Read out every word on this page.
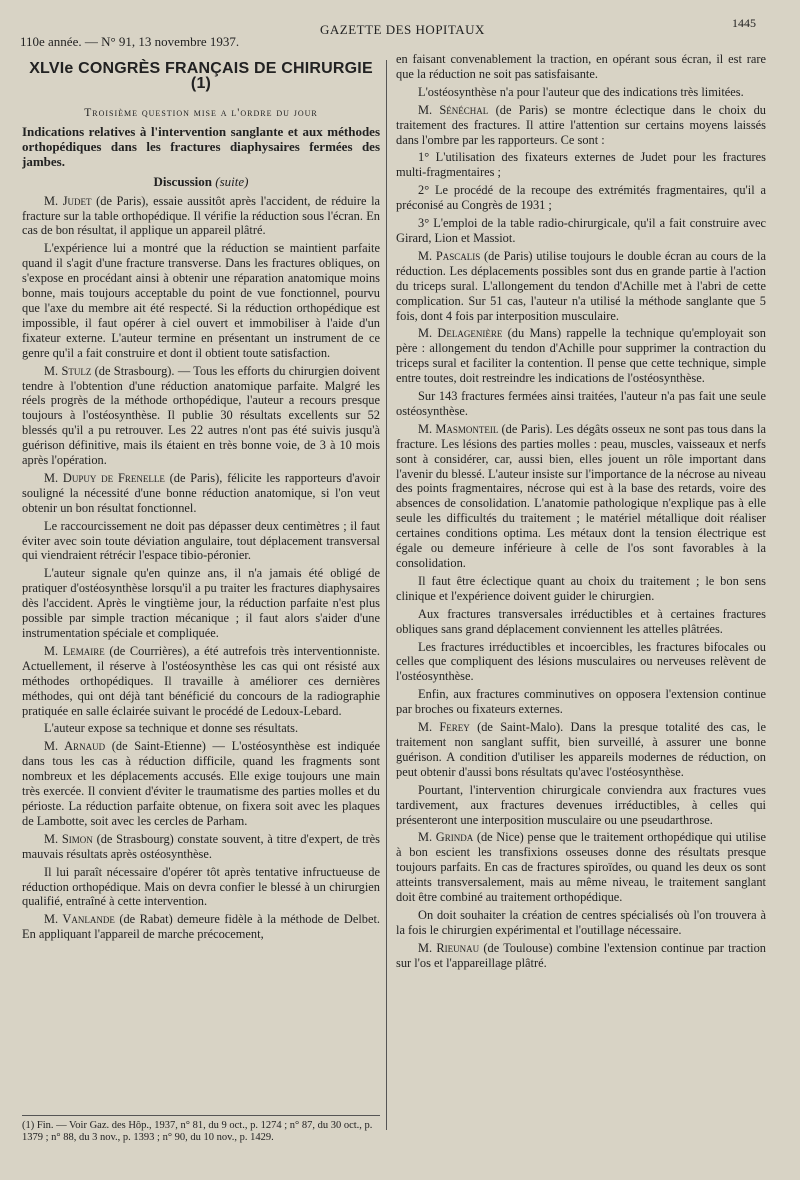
110e année. — N° 91, 13 novembre 1937.
GAZETTE DES HOPITAUX	1445
XLVIe CONGRÈS FRANÇAIS DE CHIRURGIE (1)
Troisième question mise a l'ordre du jour
Indications relatives à l'intervention sanglante et aux méthodes orthopédiques dans les fractures diaphysaires fermées des jambes.
Discussion (suite)

M. Judet (de Paris), essaie aussitôt après l'accident, de réduire la fracture sur la table orthopédique. Il vérifie la réduction sous l'écran. En cas de bon résultat, il applique un appareil plâtré.

L'expérience lui a montré que la réduction se maintient parfaite quand il s'agit d'une fracture transverse. Dans les fractures obliques, on s'expose en procédant ainsi à obtenir une réparation anatomique moins bonne, mais toujours acceptable du point de vue fonctionnel, pourvu que l'axe du membre ait été respecté. Si la réduction orthopédique est impossible, il faut opérer à ciel ouvert et immobiliser à l'aide d'un fixateur externe. L'auteur termine en présentant un instrument de ce genre qu'il a fait construire et dont il obtient toute satisfaction.

M. Stulz (de Strasbourg). — Tous les efforts du chirurgien doivent tendre à l'obtention d'une réduction anatomique parfaite. Malgré les réels progrès de la méthode orthopédique, l'auteur a recours presque toujours à l'ostéosynthèse. Il publie 30 résultats excellents sur 52 blessés qu'il a pu retrouver. Les 22 autres n'ont pas été suivis jusqu'à guérison définitive, mais ils étaient en très bonne voie, de 3 à 10 mois après l'opération.

M. Dupuy de Frenelle (de Paris), félicite les rapporteurs d'avoir souligné la nécessité d'une bonne réduction anatomique, si l'on veut obtenir un bon résultat fonctionnel.

Le raccourcissement ne doit pas dépasser deux centimètres ; il faut éviter avec soin toute déviation angulaire, tout déplacement transversal qui viendraient rétrécir l'espace tibio-péronier.

L'auteur signale qu'en quinze ans, il n'a jamais été obligé de pratiquer d'ostéosynthèse lorsqu'il a pu traiter les fractures diaphysaires dès l'accident. Après le vingtième jour, la réduction parfaite n'est plus possible par simple traction mécanique ; il faut alors s'aider d'une instrumentation spéciale et compliquée.

M. Lemaire (de Courrières), a été autrefois très interventionniste. Actuellement, il réserve à l'ostéosynthèse les cas qui ont résisté aux méthodes orthopédiques. Il travaille à améliorer ces dernières méthodes, qui ont déjà tant bénéficié du concours de la radiographie pratiquée en salle éclairée suivant le procédé de Ledoux-Lebard.

L'auteur expose sa technique et donne ses résultats.

M. Arnaud (de Saint-Etienne) — L'ostéosynthèse est indiquée dans tous les cas à réduction difficile, quand les fragments sont nombreux et les déplacements accusés. Elle exige toujours une main très exercée. Il convient d'éviter le traumatisme des parties molles et du périoste. La réduction parfaite obtenue, on fixera soit avec les plaques de Lambotte, soit avec les cercles de Parham.

M. Simon (de Strasbourg) constate souvent, à titre d'expert, de très mauvais résultats après ostéosynthèse.

Il lui paraît nécessaire d'opérer tôt après tentative infructueuse de réduction orthopédique. Mais on devra confier le blessé à un chirurgien qualifié, entraîné à cette intervention.

M. Vanlande (de Rabat) demeure fidèle à la méthode de Delbet. En appliquant l'appareil de marche précocement,

en faisant convenablement la traction, en opérant sous écran, il est rare que la réduction ne soit pas satisfaisante.

L'ostéosynthèse n'a pour l'auteur que des indications très limitées.

M. Sénéchal (de Paris) se montre éclectique dans le choix du traitement des fractures. Il attire l'attention sur certains moyens laissés dans l'ombre par les rapporteurs. Ce sont :

1° L'utilisation des fixateurs externes de Judet pour les fractures multi-fragmentaires ;

2° Le procédé de la recoupe des extrémités fragmentaires, qu'il a préconisé au Congrès de 1931 ;

3° L'emploi de la table radio-chirurgicale, qu'il a fait construire avec Girard, Lion et Massiot.

M. Pascalis (de Paris) utilise toujours le double écran au cours de la réduction. Les déplacements possibles sont dus en grande partie à l'action du triceps sural. L'allongement du tendon d'Achille met à l'abri de cette complication. Sur 51 cas, l'auteur n'a utilisé la méthode sanglante que 5 fois, dont 4 fois par interposition musculaire.

M. Delagenière (du Mans) rappelle la technique qu'employait son père : allongement du tendon d'Achille pour supprimer la contraction du triceps sural et faciliter la contention. Il pense que cette technique, simple entre toutes, doit restreindre les indications de l'ostéosynthèse.

Sur 143 fractures fermées ainsi traitées, l'auteur n'a pas fait une seule ostéosynthèse.

M. Masmonteil (de Paris). Les dégâts osseux ne sont pas tous dans la fracture. Les lésions des parties molles : peau, muscles, vaisseaux et nerfs sont à considérer, car, aussi bien, elles jouent un rôle important dans l'avenir du blessé. L'auteur insiste sur l'importance de la nécrose au niveau des points fragmentaires, nécrose qui est à la base des retards, voire des absences de consolidation. L'anatomie pathologique n'explique pas à elle seule les difficultés du traitement ; le matériel métallique doit réaliser certaines conditions optima. Les métaux dont la tension électrique est égale ou demeure inférieure à celle de l'os sont favorables à la consolidation.

Il faut être éclectique quant au choix du traitement ; le bon sens clinique et l'expérience doivent guider le chirurgien.

Aux fractures transversales irréductibles et à certaines fractures obliques sans grand déplacement conviennent les attelles plâtrées.

Les fractures irréductibles et incoercibles, les fractures bifocales ou celles que compliquent des lésions musculaires ou nerveuses relèvent de l'ostéosynthèse.

Enfin, aux fractures comminutives on opposera l'extension continue par broches ou fixateurs externes.

M. Ferey (de Saint-Malo). Dans la presque totalité des cas, le traitement non sanglant suffit, bien surveillé, à assurer une bonne guérison. A condition d'utiliser les appareils modernes de réduction, on peut obtenir d'aussi bons résultats qu'avec l'ostéosynthèse.

Pourtant, l'intervention chirurgicale conviendra aux fractures vues tardivement, aux fractures devenues irréductibles, à celles qui présenteront une interposition musculaire ou une pseudarthrose.

M. Grinda (de Nice) pense que le traitement orthopédique qui utilise à bon escient les transfixions osseuses donne des résultats presque toujours parfaits. En cas de fractures spiroïdes, ou quand les deux os sont atteints transversalement, mais au même niveau, le traitement sanglant doit être combiné au traitement orthopédique.

On doit souhaiter la création de centres spécialisés où l'on trouvera à la fois le chirurgien expérimental et l'outillage nécessaire.

M. Rieunau (de Toulouse) combine l'extension continue par traction sur l'os et l'appareillage plâtré.

(1) Fin. — Voir Gaz. des Hôp., 1937, n° 81, du 9 oct., p. 1274 ; n° 87, du 30 oct., p. 1379 ; n° 88, du 3 nov., p. 1393 ; n° 90, du 10 nov., p. 1429.
